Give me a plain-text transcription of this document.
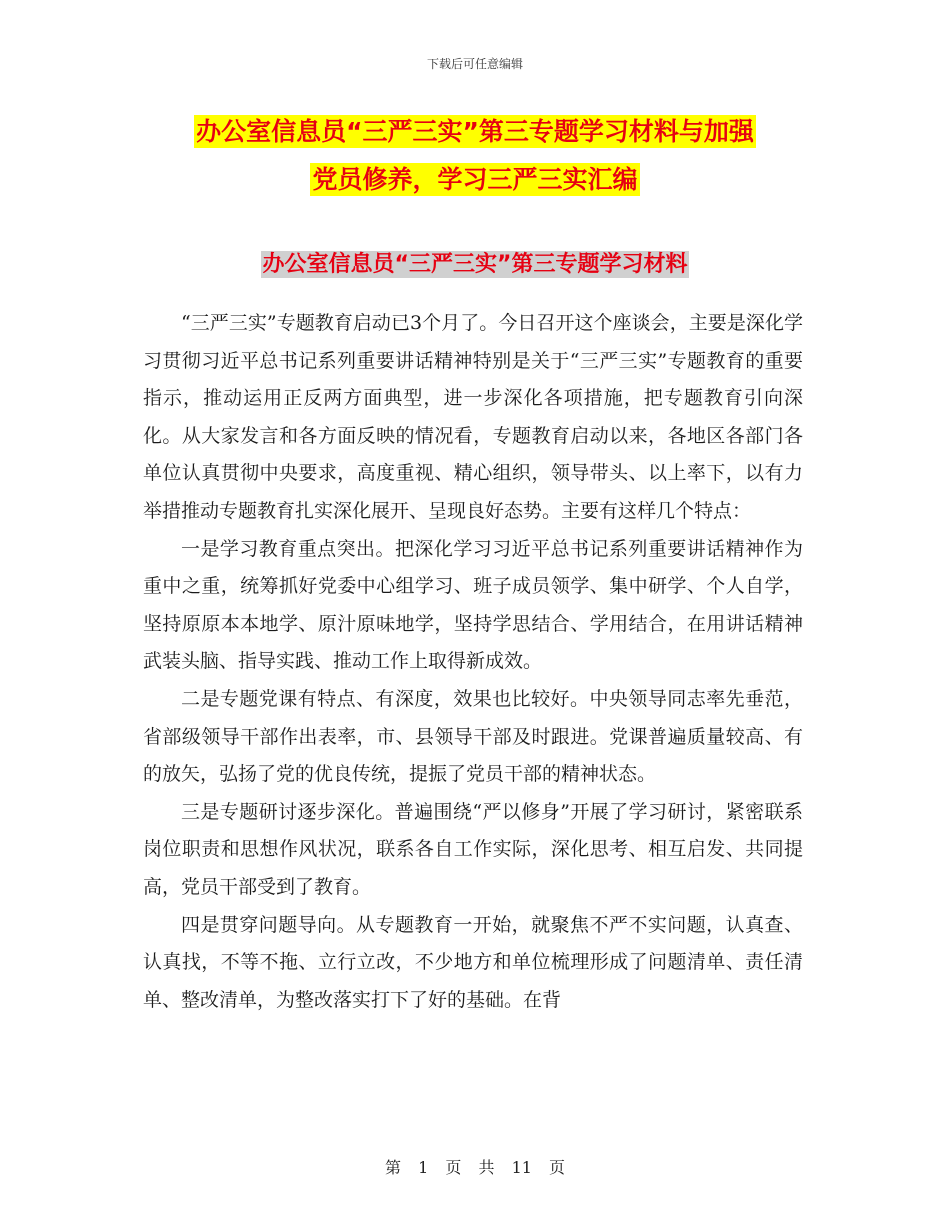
下载后可任意编辑
办公室信息员“三严三实”第三专题学习材料与加强
党员修养，学习三严三实汇编
办公室信息员“三严三实”第三专题学习材料

“三严三实”专题教育启动已3个月了。今日召开这个座谈会，主要是深化学习贯彻习近平总书记系列重要讲话精神特别是关于“三严三实”专题教育的重要指示，推动运用正反两方面典型，进一步深化各项措施，把专题教育引向深化。从大家发言和各方面反映的情况看，专题教育启动以来，各地区各部门各单位认真贯彻中央要求，高度重视、精心组织，领导带头、以上率下，以有力举措推动专题教育扎实深化展开、呈现良好态势。主要有这样几个特点：

一是学习教育重点突出。把深化学习习近平总书记系列重要讲话精神作为重中之重，统筹抓好党委中心组学习、班子成员领学、集中研学、个人自学，坚持原原本本地学、原汁原味地学，坚持学思结合、学用结合，在用讲话精神武装头脑、指导实践、推动工作上取得新成效。

二是专题党课有特点、有深度，效果也比较好。中央领导同志率先垂范，省部级领导干部作出表率，市、县领导干部及时跟进。党课普遍质量较高、有的放矢，弘扬了党的优良传统，提振了党员干部的精神状态。

三是专题研讨逐步深化。普遍围绕“严以修身”开展了学习研讨，紧密联系岗位职责和思想作风状况，联系各自工作实际，深化思考、相互启发、共同提高，党员干部受到了教育。

四是贯穿问题导向。从专题教育一开始，就聚焦不严不实问题，认真查、认真找，不等不拖、立行立改，不少地方和单位梳理形成了问题清单、责任清单、整改清单，为整改落实打下了好的基础。在背

第 1 页 共 11 页
